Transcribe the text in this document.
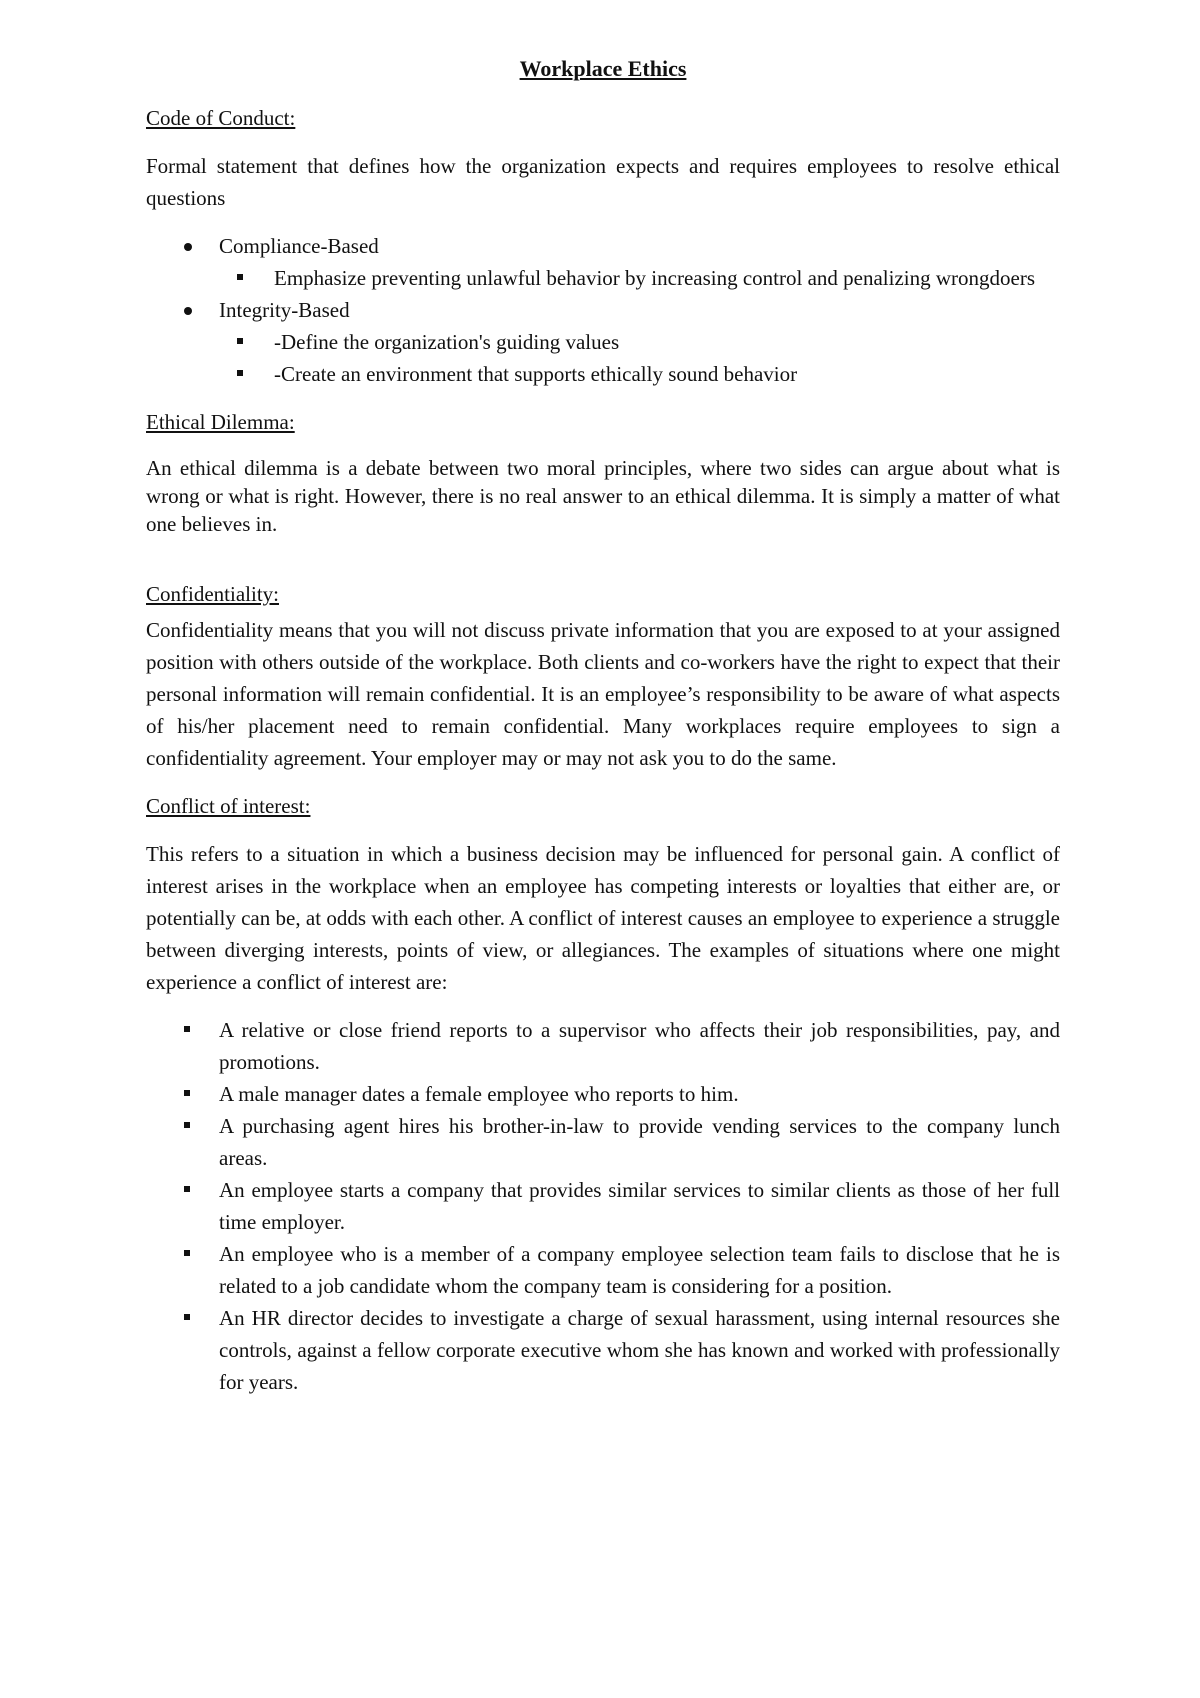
Workplace Ethics
Code of Conduct:

Formal statement that defines how the organization expects and requires employees to resolve ethical questions

Compliance-Based
Emphasize preventing unlawful behavior by increasing control and penalizing wrongdoers
Integrity-Based
-Define the organization's guiding values
-Create an environment that supports ethically sound behavior
Ethical Dilemma:

An ethical dilemma is a debate between two moral principles, where two sides can argue about what is wrong or what is right. However, there is no real answer to an ethical dilemma. It is simply a matter of what one believes in.

Confidentiality:

Confidentiality means that you will not discuss private information that you are exposed to at your assigned position with others outside of the workplace. Both clients and co-workers have the right to expect that their personal information will remain confidential. It is an employee’s responsibility to be aware of what aspects of his/her placement need to remain confidential. Many workplaces require employees to sign a confidentiality agreement. Your employer may or may not ask you to do the same.

Conflict of interest:

This refers to a situation in which a business decision may be influenced for personal gain. A conflict of interest arises in the workplace when an employee has competing interests or loyalties that either are, or potentially can be, at odds with each other. A conflict of interest causes an employee to experience a struggle between diverging interests, points of view, or allegiances. The examples of situations where one might experience a conflict of interest are:

A relative or close friend reports to a supervisor who affects their job responsibilities, pay, and promotions.
A male manager dates a female employee who reports to him.
A purchasing agent hires his brother-in-law to provide vending services to the company lunch areas.
An employee starts a company that provides similar services to similar clients as those of her full time employer.
An employee who is a member of a company employee selection team fails to disclose that he is related to a job candidate whom the company team is considering for a position.
An HR director decides to investigate a charge of sexual harassment, using internal resources she controls, against a fellow corporate executive whom she has known and worked with professionally for years.
